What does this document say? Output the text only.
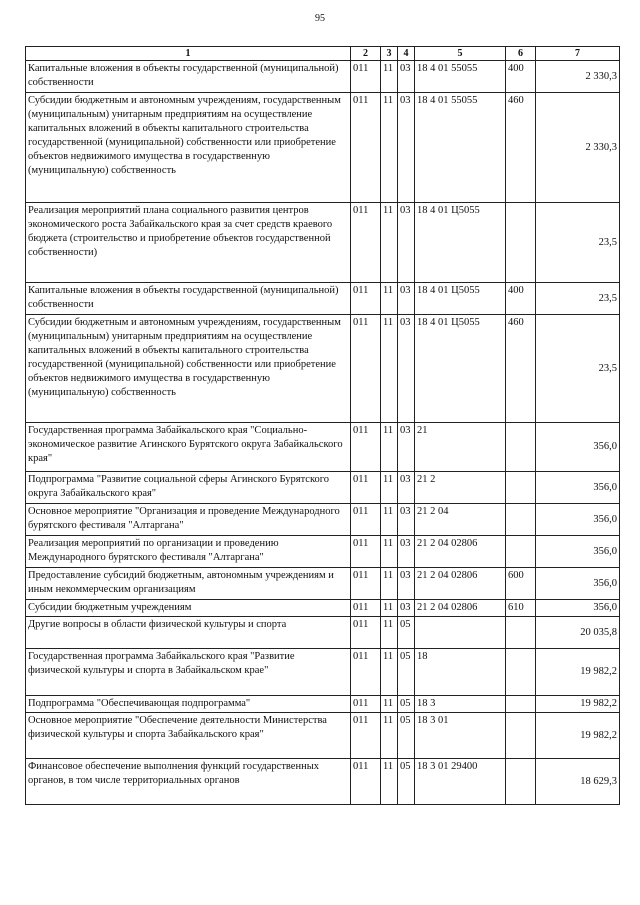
95
1	2	3	4	5	6	7
Капитальные вложения в объекты государственной (муниципальной) собственности	011	11	03	18 4 01 55055	400	2 330,3
Субсидии бюджетным и автономным учреждениям, государственным (муниципальным) унитарным предприятиям на осуществление капитальных вложений в объекты капитального строительства государственной (муниципальной) собственности или приобретение объектов недвижимого имущества в государственную (муниципальную) собственность	011	11	03	18 4 01 55055	460	2 330,3
Реализация мероприятий плана социального развития центров экономического роста Забайкальского края за счет средств краевого бюджета (строительство и приобретение объектов государственной собственности)	011	11	03	18 4 01 Ц5055		23,5
Капитальные вложения в объекты государственной (муниципальной) собственности	011	11	03	18 4 01 Ц5055	400	23,5
Субсидии бюджетным и автономным учреждениям, государственным (муниципальным) унитарным предприятиям на осуществление капитальных вложений в объекты капитального строительства государственной (муниципальной) собственности или приобретение объектов недвижимого имущества в государственную (муниципальную) собственность	011	11	03	18 4 01 Ц5055	460	23,5
Государственная программа Забайкальского края "Социально-экономическое развитие Агинского Бурятского округа Забайкальского края"	011	11	03	21		356,0
Подпрограмма "Развитие социальной сферы Агинского Бурятского округа Забайкальского края"	011	11	03	21 2		356,0
Основное мероприятие "Организация и проведение Международного бурятского фестиваля "Алтаргана"	011	11	03	21 2 04		356,0
Реализация мероприятий по организации и проведению Международного бурятского фестиваля "Алтаргана"	011	11	03	21 2 04 02806		356,0
Предоставление субсидий бюджетным, автономным учреждениям и иным некоммерческим организациям	011	11	03	21 2 04 02806	600	356,0
Субсидии бюджетным учреждениям	011	11	03	21 2 04 02806	610	356,0
Другие вопросы в области физической культуры и спорта	011	11	05			20 035,8
Государственная программа Забайкальского края "Развитие физической культуры и спорта в Забайкальском крае"	011	11	05	18		19 982,2
Подпрограмма "Обеспечивающая подпрограмма"	011	11	05	18 3		19 982,2
Основное мероприятие "Обеспечение деятельности Министерства физической культуры и спорта Забайкальского края"	011	11	05	18 3 01		19 982,2
Финансовое обеспечение выполнения функций государственных органов, в том числе территориальных органов	011	11	05	18 3 01 29400		18 629,3
